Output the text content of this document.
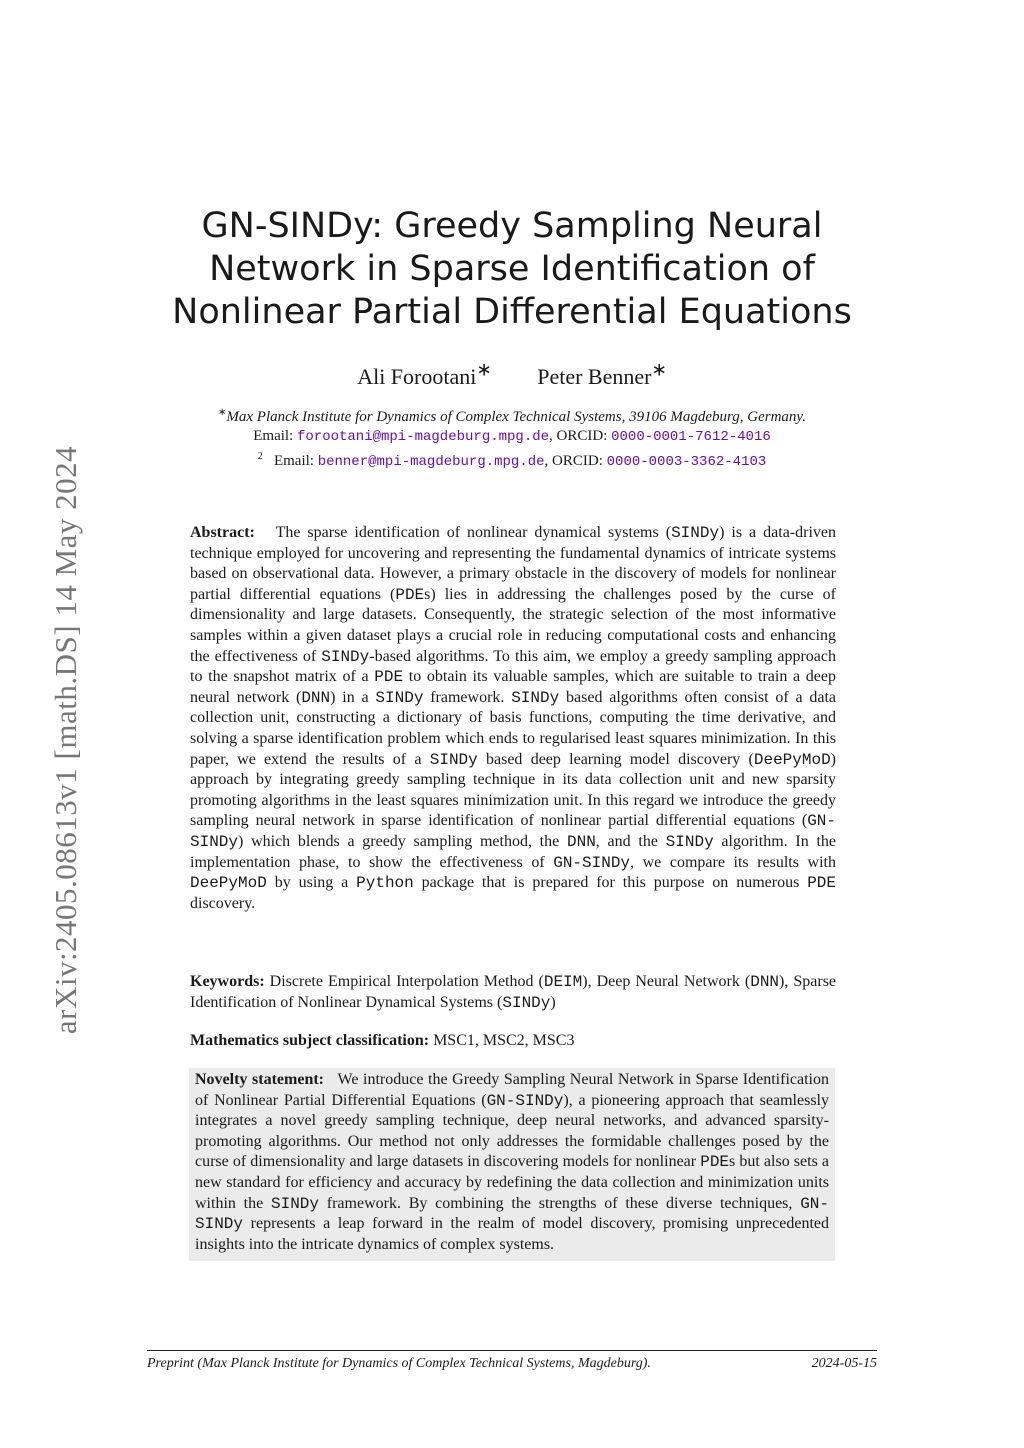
arXiv:2405.08613v1 [math.DS] 14 May 2024
GN-SINDy: Greedy Sampling Neural
Network in Sparse Identification of
Nonlinear Partial Differential Equations
Ali Forootani∗ Peter Benner∗
∗Max Planck Institute for Dynamics of Complex Technical Systems, 39106 Magdeburg, Germany.
Email: forootani@mpi-magdeburg.mpg.de, ORCID: 0000-0001-7612-4016
$^2$ Email: benner@mpi-magdeburg.mpg.de, ORCID: 0000-0003-3362-4103

Abstract: The sparse identification of nonlinear dynamical systems (SINDy) is a data-driven technique employed for uncovering and representing the fundamental dynamics of intricate systems based on observational data. However, a primary obstacle in the discovery of models for nonlinear partial differential equations (PDEs) lies in addressing the challenges posed by the curse of dimensionality and large datasets. Consequently, the strategic selection of the most informative samples within a given dataset plays a crucial role in reducing computational costs and enhancing the effectiveness of SINDy-based algorithms. To this aim, we employ a greedy sampling approach to the snapshot matrix of a PDE to obtain its valuable samples, which are suitable to train a deep neural network (DNN) in a SINDy framework. SINDy based algorithms often consist of a data collection unit, constructing a dictionary of basis functions, computing the time derivative, and solving a sparse identification problem which ends to regularised least squares minimization. In this paper, we extend the results of a SINDy based deep learning model discovery (DeePyMoD) approach by integrating greedy sampling technique in its data collection unit and new sparsity promoting algorithms in the least squares minimization unit. In this regard we introduce the greedy sampling neural network in sparse identification of nonlinear partial differential equations (GN-SINDy) which blends a greedy sampling method, the DNN, and the SINDy algorithm. In the implementation phase, to show the effectiveness of GN-SINDy, we compare its results with DeePyMoD by using a Python package that is prepared for this purpose on numerous PDE discovery.

Keywords: Discrete Empirical Interpolation Method (DEIM), Deep Neural Network (DNN), Sparse Identification of Nonlinear Dynamical Systems (SINDy)

Mathematics subject classification: MSC1, MSC2, MSC3

Novelty statement: We introduce the Greedy Sampling Neural Network in Sparse Identification of Nonlinear Partial Differential Equations (GN-SINDy), a pioneering approach that seamlessly integrates a novel greedy sampling technique, deep neural networks, and advanced sparsity-promoting algorithms. Our method not only addresses the formidable challenges posed by the curse of dimensionality and large datasets in discovering models for nonlinear PDEs but also sets a new standard for efficiency and accuracy by redefining the data collection and minimization units within the SINDy framework. By combining the strengths of these diverse techniques, GN-SINDy represents a leap forward in the realm of model discovery, promising unprecedented insights into the intricate dynamics of complex systems.

Preprint (Max Planck Institute for Dynamics of Complex Technical Systems, Magdeburg).	2024-05-15
